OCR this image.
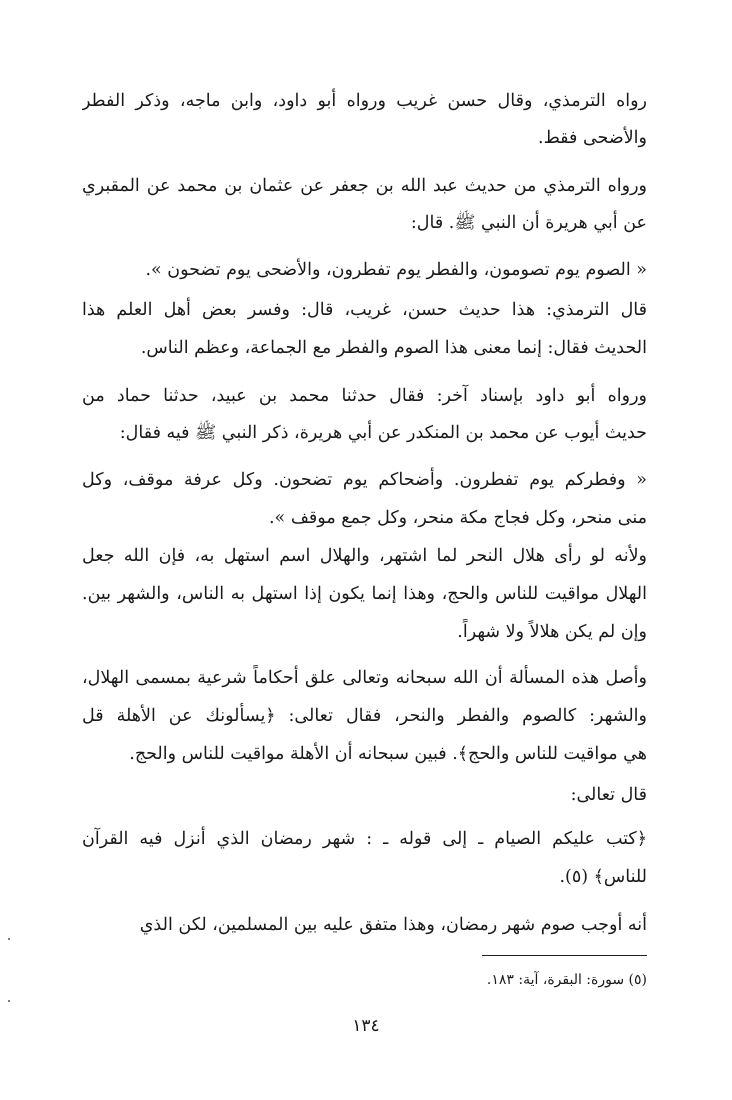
رواه الترمذي، وقال حسن غريب ورواه أبو داود، وابن ماجه، وذكر الفطر
والأضحى فقط.
ورواه الترمذي من حديث عبد الله بن جعفر عن عثمان بن محمد عن المقبري
عن أبي هريرة أن النبي ﷺ. قال:
« الصوم يوم تصومون، والفطر يوم تفطرون، والأضحى يوم تضحون ».
قال الترمذي: هذا حديث حسن، غريب، قال: وفسر بعض أهل العلم هذا
الحديث فقال: إنما معنى هذا الصوم والفطر مع الجماعة، وعظم الناس.
ورواه أبو داود بإسناد آخر: فقال حدثنا محمد بن عبيد، حدثنا حماد من
حديث أيوب عن محمد بن المنكدر عن أبي هريرة، ذكر النبي ﷺ فيه فقال:
« وفطركم يوم تفطرون. وأضحاكم يوم تضحون. وكل عرفة موقف، وكل
منى منحر، وكل فجاج مكة منحر، وكل جمع موقف ».
ولأنه لو رأى هلال النحر لما اشتهر، والهلال اسم استهل به، فإن الله جعل
الهلال مواقيت للناس والحج، وهذا إنما يكون إذا استهل به الناس، والشهر بين.
وإن لم يكن هلالاً ولا شهراً.
وأصل هذه المسألة أن الله سبحانه وتعالى علق أحكاماً شرعية بمسمى الهلال،
والشهر: كالصوم والفطر والنحر، فقال تعالى: ﴿يسألونك عن الأهلة قل
هي مواقيت للناس والحج﴾. فبين سبحانه أن الأهلة مواقيت للناس والحج.
قال تعالى:
﴿كتب عليكم الصيام ـ إلى قوله ـ : شهر رمضان الذي أنزل فيه القرآن
للناس﴾ (٥).
أنه أوجب صوم شهر رمضان، وهذا متفق عليه بين المسلمين، لكن الذي
(٥) سورة: البقرة، آية: ١٨٣.
١٣٤
